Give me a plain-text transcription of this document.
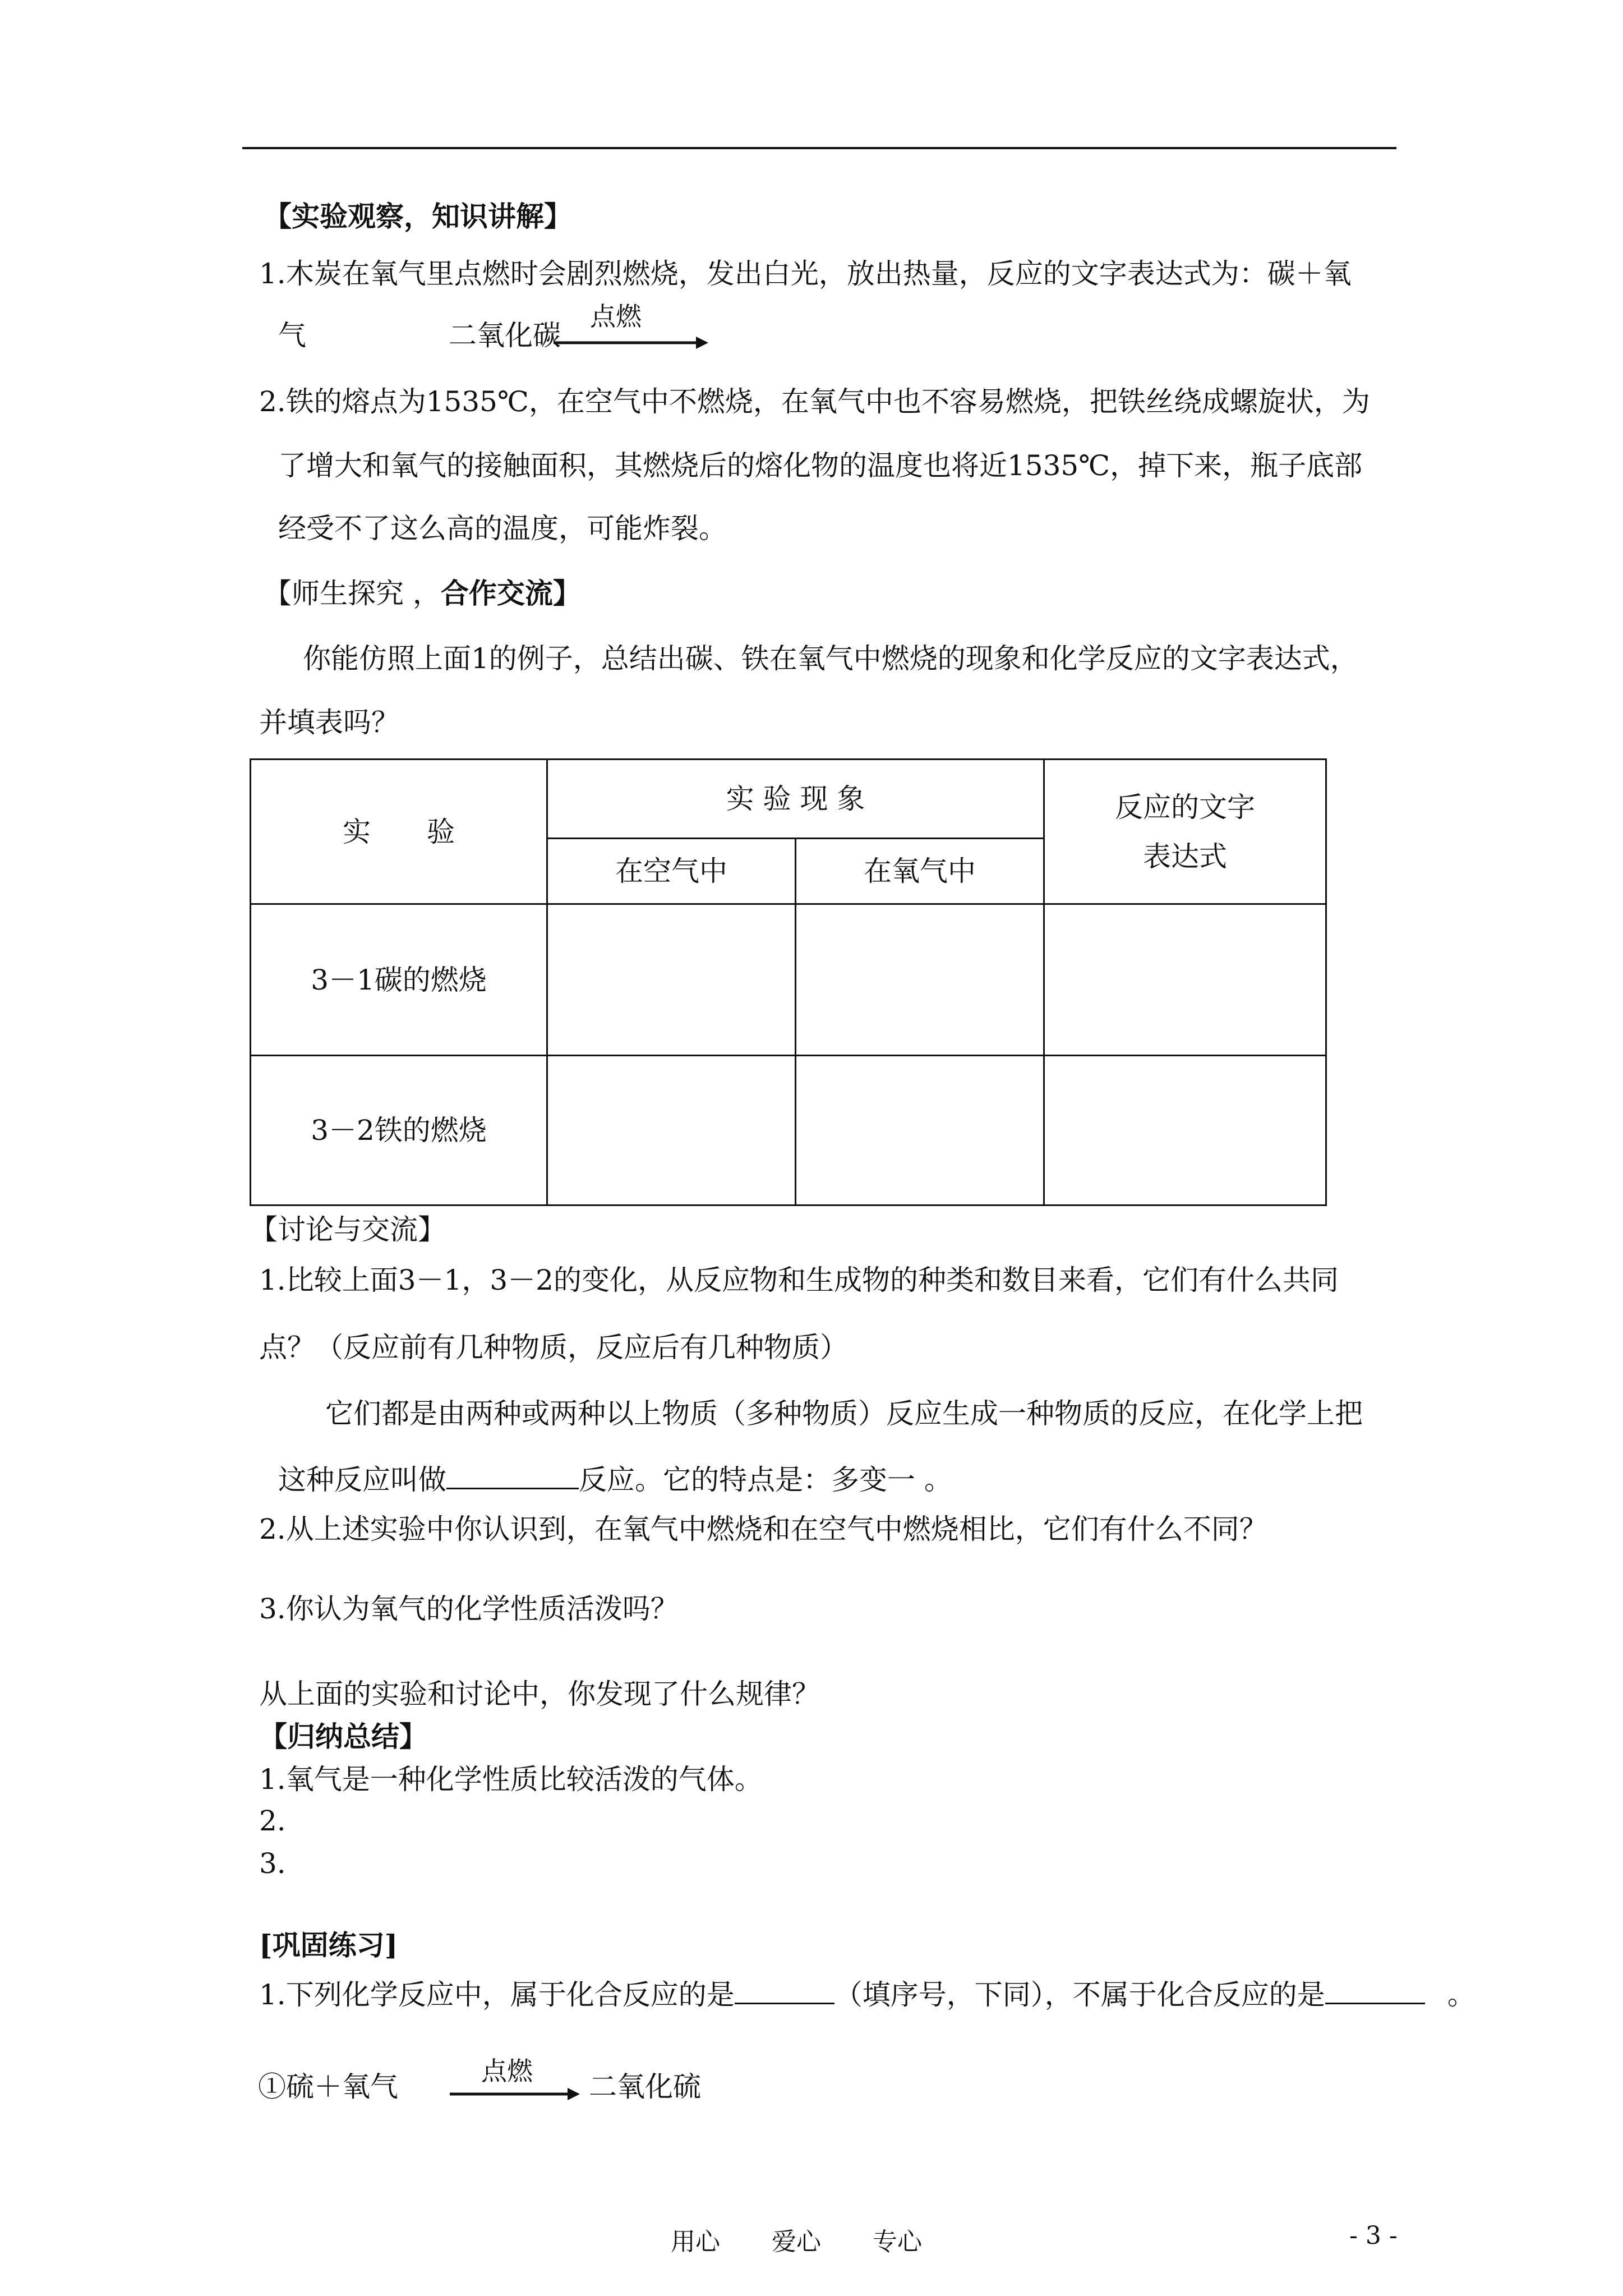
【实验观察，知识讲解】
1.木炭在氧气里点燃时会剧烈燃烧，发出白光，放出热量，反应的文字表达式为：碳＋氧
气	二氧化碳
点燃
2.铁的熔点为1535℃，在空气中不燃烧，在氧气中也不容易燃烧，把铁丝绕成螺旋状，为
了增大和氧气的接触面积，其燃烧后的熔化物的温度也将近1535℃，掉下来，瓶子底部
经受不了这么高的温度，可能炸裂。
【师生探究 ，合作交流】
你能仿照上面1的例子，总结出碳、铁在氧气中燃烧的现象和化学反应的文字表达式，
并填表吗？
实　　验	实 验 现 象		反应的文字
表达式

	在空气中	在氧气中	
3－1碳的燃烧			
3－2铁的燃烧			
【讨论与交流】
1.比较上面3－1，3－2的变化，从反应物和生成物的种类和数目来看，它们有什么共同
点？（反应前有几种物质，反应后有几种物质）
它们都是由两种或两种以上物质（多种物质）反应生成一种物质的反应，在化学上把
这种反应叫做	反应。它的特点是：多变一 。
2.从上述实验中你认识到，在氧气中燃烧和在空气中燃烧相比，它们有什么不同？
3.你认为氧气的化学性质活泼吗？
从上面的实验和讨论中，你发现了什么规律？
【归纳总结】
1.氧气是一种化学性质比较活泼的气体。
2.
3.
[巩固练习]
1.下列化学反应中，属于化合反应的是	（填序号，下同），不属于化合反应的是	。
①硫＋氧气	点燃 二氧化硫
用心 爱心 专心	- 3 -
